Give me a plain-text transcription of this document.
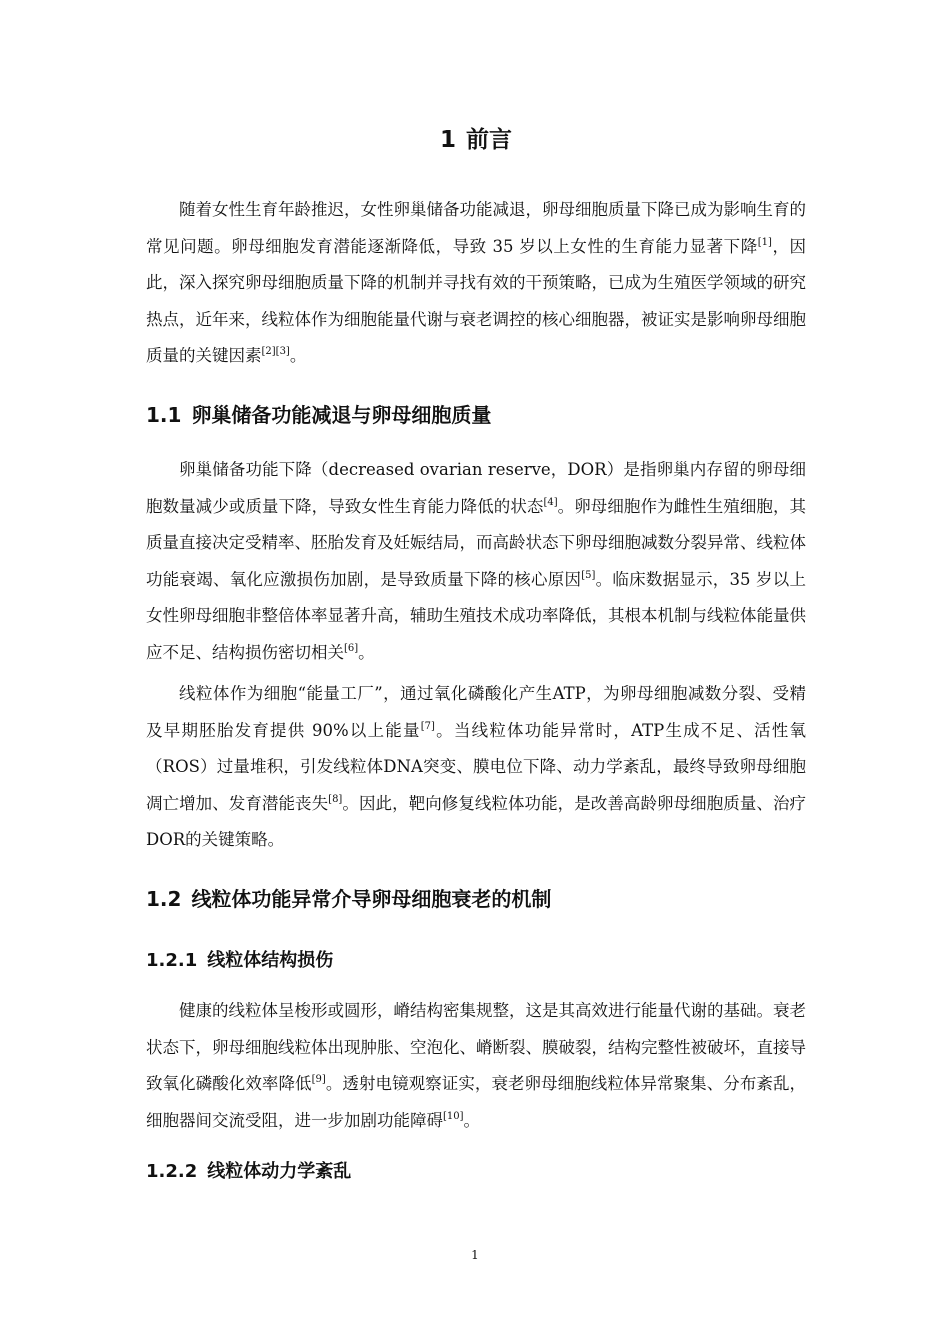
1 前言

随着女性生育年龄推迟，女性卵巢储备功能减退，卵母细胞质量下降已成为影响生育的常见问题。卵母细胞发育潜能逐渐降低，导致 35 岁以上女性的生育能力显著下降[1]，因此，深入探究卵母细胞质量下降的机制并寻找有效的干预策略，已成为生殖医学领域的研究热点，近年来，线粒体作为细胞能量代谢与衰老调控的核心细胞器，被证实是影响卵母细胞质量的关键因素[2][3]。

1.1 卵巢储备功能减退与卵母细胞质量

卵巢储备功能下降（decreased ovarian reserve，DOR）是指卵巢内存留的卵母细胞数量减少或质量下降，导致女性生育能力降低的状态[4]。卵母细胞作为雌性生殖细胞，其质量直接决定受精率、胚胎发育及妊娠结局，而高龄状态下卵母细胞减数分裂异常、线粒体功能衰竭、氧化应激损伤加剧，是导致质量下降的核心原因[5]。临床数据显示，35 岁以上女性卵母细胞非整倍体率显著升高，辅助生殖技术成功率降低，其根本机制与线粒体能量供应不足、结构损伤密切相关[6]。

线粒体作为细胞“能量工厂”，通过氧化磷酸化产生ATP，为卵母细胞减数分裂、受精及早期胚胎发育提供 90%以上能量[7]。当线粒体功能异常时，ATP生成不足、活性氧（ROS）过量堆积，引发线粒体DNA突变、膜电位下降、动力学紊乱，最终导致卵母细胞凋亡增加、发育潜能丧失[8]。因此，靶向修复线粒体功能，是改善高龄卵母细胞质量、治疗DOR的关键策略。

1.2 线粒体功能异常介导卵母细胞衰老的机制
1.2.1 线粒体结构损伤

健康的线粒体呈梭形或圆形，嵴结构密集规整，这是其高效进行能量代谢的基础。衰老状态下，卵母细胞线粒体出现肿胀、空泡化、嵴断裂、膜破裂，结构完整性被破坏，直接导致氧化磷酸化效率降低[9]。透射电镜观察证实，衰老卵母细胞线粒体异常聚集、分布紊乱，细胞器间交流受阻，进一步加剧功能障碍[10]。

1.2.2 线粒体动力学紊乱
1
